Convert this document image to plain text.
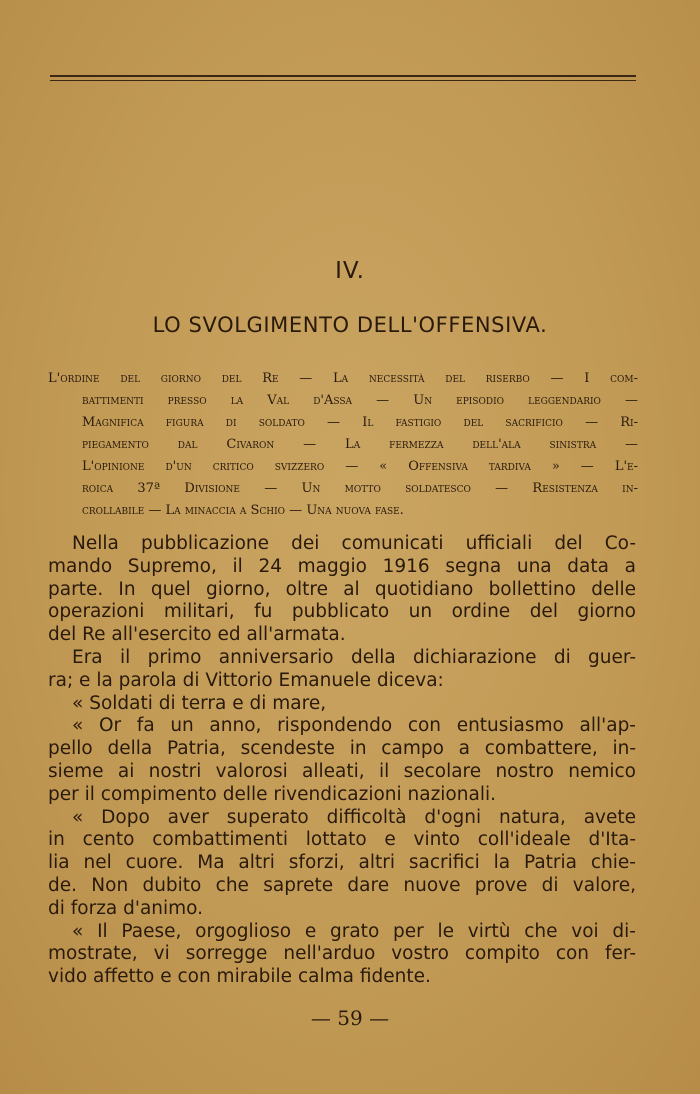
IV.
LO SVOLGIMENTO DELL'OFFENSIVA.
L'ordine del giorno del Re — La necessità del riserbo — I com-
battimenti presso la Val d'Assa — Un episodio leggendario —
Magnifica figura di soldato — Il fastigio del sacrificio — Ri-
piegamento dal Civaron — La fermezza dell'ala sinistra —
L'opinione d'un critico svizzero — « Offensiva tardiva » — L'e-
roica 37ª Divisione — Un motto soldatesco — Resistenza in-
crollabile — La minaccia a Schio — Una nuova fase.
Nella pubblicazione dei comunicati ufficiali del Co-
mando Supremo, il 24 maggio 1916 segna una data a
parte. In quel giorno, oltre al quotidiano bollettino delle
operazioni militari, fu pubblicato un ordine del giorno
del Re all'esercito ed all'armata.
Era il primo anniversario della dichiarazione di guer-
ra; e la parola di Vittorio Emanuele diceva:
« Soldati di terra e di mare,
« Or fa un anno, rispondendo con entusiasmo all'ap-
pello della Patria, scendeste in campo a combattere, in-
sieme ai nostri valorosi alleati, il secolare nostro nemico
per il compimento delle rivendicazioni nazionali.
« Dopo aver superato difficoltà d'ogni natura, avete
in cento combattimenti lottato e vinto coll'ideale d'Ita-
lia nel cuore. Ma altri sforzi, altri sacrifici la Patria chie-
de. Non dubito che saprete dare nuove prove di valore,
di forza d'animo.
« Il Paese, orgoglioso e grato per le virtù che voi di-
mostrate, vi sorregge nell'arduo vostro compito con fer-
vido affetto e con mirabile calma fidente.
— 59 —
